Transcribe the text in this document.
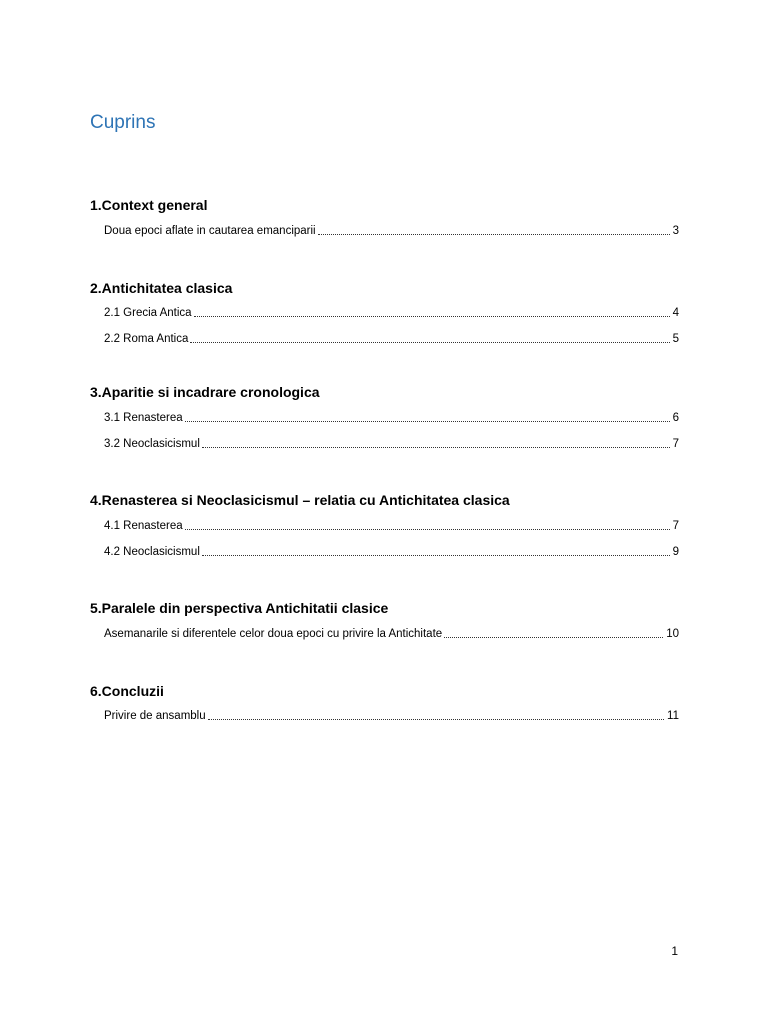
Cuprins
1.Context general
Doua epoci aflate in cautarea emanciparii	3
2.Antichitatea clasica
2.1 Grecia Antica	4
2.2 Roma Antica	5
3.Aparitie si incadrare cronologica
3.1 Renasterea	6
3.2 Neoclasicismul	7
4.Renasterea si Neoclasicismul – relatia cu Antichitatea clasica
4.1 Renasterea	7
4.2 Neoclasicismul	9
5.Paralele din perspectiva Antichitatii clasice
Asemanarile si diferentele celor doua epoci cu privire la Antichitate	10
6.Concluzii
Privire de ansamblu	11
1
